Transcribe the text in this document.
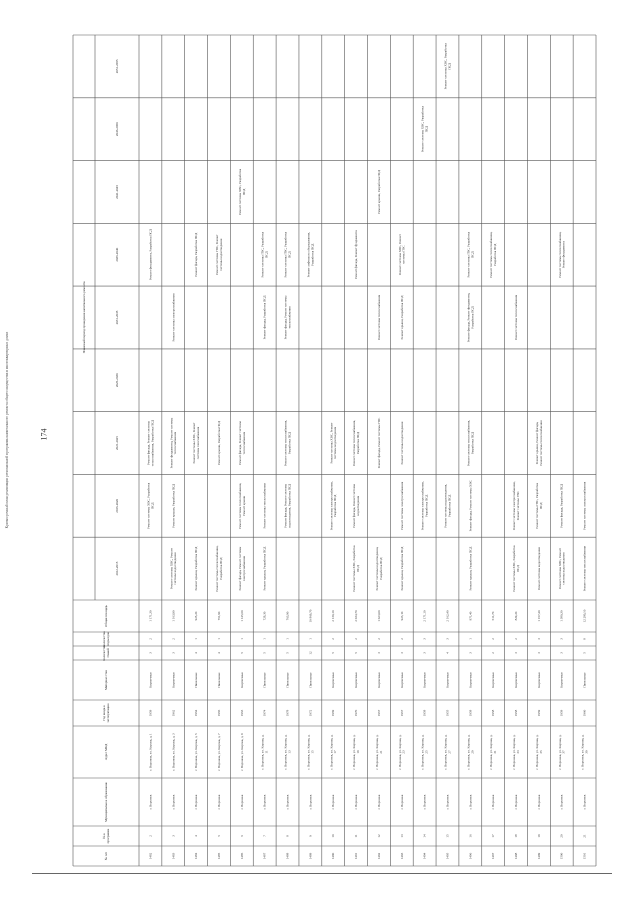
174
Краткосрочный план реализации региональной программы капитального ремонта общего имущества в многоквартирных домах
№ п/п
№ впрограмме
Муниципальное образование
Адрес МКД
Год ввода вэксплуатацию
Материал стен
Количествоэтажей
Количествоподъездов
Общая площадь
Плановый период проведения капитального ремонта
2012-2015
2016-2020
2021-2025
2026-2030
2031-2035
2036-2040
2041-2045
2046-2050
2051-2055
1482
2
г. Воронеж
г. Воронеж, ул. Кирова, д. 1
1959
Кирпичные
3
2
1 171,30
Ремонт системы ХВС, РазработкаПСД
Ремонт фасада, Ремонт системытеплоснабжения, Разработка ПСД
Ремонт фундамента, Разработка ПСД
1483
3
г. Воронеж
г. Воронеж, ул. Кирова, д. 3
1962
Кирпичные
3
2
1 163,90
Ремонт системы ХВС, Ремонтсистемы водоотведения
Ремонт крыши, Разработка ПСД
Ремонт фундамента, Ремонт системытеплоснабжения
Ремонт системы электроснабжения
1484
4
г. Воронеж
г. Воронеж, ул. Кирова, д. 5
1964
Панельные
4
1
925,20
Ремонт крыши, Разработка ПСД
Ремонт системы ХВС, Ремонтсистемы газоснабжения
Ремонт фасада, Разработка ПСД
1485
5
г. Воронеж
г. Воронеж, ул. Кирова, д. 7
1966
Панельные
4
1
761,90
Ремонт системы теплоснабжения,Разработка ПСД
Ремонт крыши, Разработка ПСД
Ремонт системы ГВС, Ремонтсистемы водоотведения
1486
6
г. Воронеж
г. Воронеж, ул. Кирова, д. 9
1963
Кирпичные
5
1
1 145,60
Ремонт фасада, Ремонт системыэлектроснабжения
Ремонт системы теплоснабжения,Ремонт крыши
Ремонт фасада, Ремонт системытеплоснабжения
Ремонт системы ХВС, РазработкаПСД
1487
7
г. Воронеж
г. Воронеж, ул. Кирова, д.11
1974
Панельные
5
1
728,30
Ремонт крыши, Разработка ПСД
Ремонт системы теплоснабжения
Ремонт фасада, Разработка ПСД
Ремонт системы ГВС, РазработкаПСД
1488
8
г. Воронеж
г. Воронеж, ул. Кирова, д.13
1978
Панельные
5
1
763,90
Ремонт фасада, Ремонт системыводоотведения, Разработка ПСД
Ремонт системы теплоснабжения,Разработка ПСД
Ремонт фасада, Ремонт системытеплоснабжения
Ремонт системы ГВС, РазработкаПСД
1489
9
г. Воронеж
г. Воронеж, ул. Кирова, д.15
1972
Панельные
12
1
10 869,70
Ремонт лифтового оборудования,Разработка ПСД
1490
10
г. Воронеж
г. Воронеж, ул. Кирова, д.17
1969
Кирпичные
5
2
2 130,10
Ремонт системы электроснабжения,Разработка ПСД
Ремонт системы ХВС, Ремонтсистемы водоотведения
1491
11
г. Воронеж
г. Воронеж, ул. Кирова, д.19
1970
Кирпичные
5
2
2 034,70
Ремонт системы ХВС, РазработкаПСД
Ремонт фасада, Ремонт системыводоотведения
Ремонт системы теплоснабжения,Разработка ПСД
Ремонт фасада, Ремонт фундамента
1492
12
г. Воронеж
г. Воронеж, ул. Кирова, д.21
1967
Кирпичные
3
2
1 023,00
Ремонт системы водоотведения,Разработка ПСД
Ремонт фасада, Ремонт системы ГВС
Ремонт системы теплоснабжения
Ремонт крыши, Разработка ПСД
1493
13
г. Воронеж
г. Воронеж, ул. Кирова, д.23
1967
Кирпичные
3
2
923,10
Ремонт крыши, Разработка ПСД
Ремонт системы электроснабжения
Ремонт системы водоотведения
Ремонт крыши, Разработка ПСД
Ремонт системы ХВС, Ремонтсистемы ГВС
1494
14
г. Воронеж
г. Воронеж, ул. Кирова, д.25
1958
Кирпичные
3
3
2 171,10
Ремонт системы электроснабжения,Разработка ПСД
Ремонт системы ХВС, РазработкаПСД
1495
15
г. Воронеж
г. Воронеж, ул. Кирова, д.27
1955
Кирпичные
4
3
2 162,40
Ремонт системы водоотведения,Разработка ПСД
Ремонт системы ХВС, РазработкаПСД
1496
16
г. Воронеж
г. Воронеж, ул. Кирова, д.29
1958
Кирпичные
3
1
971,40
Ремонт крыши, Разработка ПСД
Ремонт фасада, Ремонт системы ХВС
Ремонт системы теплоснабжения,Разработка ПСД
Ремонт фасада, Ремонт фундамента,Разработка ПСД
Ремонт системы ГВС, РазработкаПСД
1497
17
г. Воронеж
г. Воронеж, ул. Кирова, д.31
1958
Кирпичные
2
2
611,70
Ремонт системы теплоснабжения,Разработка ПСД
1498
18
г. Воронеж
г. Воронеж, ул. Кирова, д.33
1958
Кирпичные
3
2
829,20
Ремонт системы ХВС, РазработкаПСД
Ремонт системы электроснабжения,Ремонт системы ГВС
Ремонт системы теплоснабжения
1499
19
г. Воронеж
г. Воронеж, ул. Кирова, д.35
1959
Кирпичные
3
3
1 167,40
Ремонт системы водоотведения
Ремонт системы ГВС, РазработкаПСД
Ремонт крыши, Ремонт фасада,Ремонт системы теплоснабжения
1500
20
г. Воронеж
г. Воронеж, ул. Кирова, д.37
1959
Кирпичные
3
3
1 380,30
Ремонт системы ХВС, Ремонтсистемы водоотведения
Ремонт фасада, Разработка ПСД
Ремонт системы теплоснабжения,Ремонт фундамента
1501
21
г. Воронеж
г. Воронеж, ул. Кирова, д.39
1960
Панельные
5
8
12 280,10
Ремонт системы теплоснабжения
Ремонт системы электроснабжения
